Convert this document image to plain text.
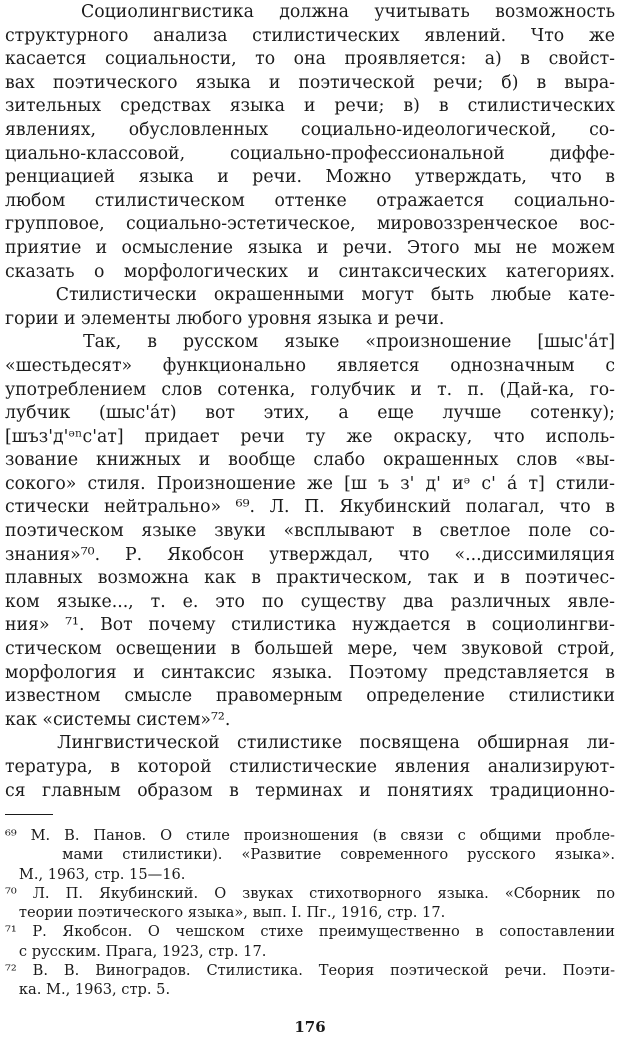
Социолингвистика должна учитывать возможность
структурного анализа стилистических явлений. Что же
касается социальности, то она проявляется: а) в свойст-
вах поэтического языка и поэтической речи; б) в выра-
зительных средствах языка и речи; в) в стилистических
явлениях, обусловленных социально-идеологической, со-
циально-классовой, социально-профессиональной диффе-
ренциацией языка и речи. Можно утверждать, что в
любом стилистическом оттенке отражается социально-
групповое, социально-эстетическое, мировоззренческое вос-
приятие и осмысление языка и речи. Этого мы не можем
сказать о морфологических и синтаксических категориях.
Стилистически окрашенными могут быть любые кате-
гории и элементы любого уровня языка и речи.
Так, в русском языке «произношение [шыс'áт]
«шестьдесят» функционально является однозначным с
употреблением слов сотенка, голубчик и т. п. (Дай-ка, го-
лубчик (шыс'áт) вот этих, а еще лучше сотенку);
[шъз'д'ᵊⁿс'ат] придает речи ту же окраску, что исполь-
зование книжных и вообще слабо окрашенных слов «вы-
сокого» стиля. Произношение же [ш ъ з' д' иᵊ с' á т] стили-
стически нейтрально» ⁶⁹. Л. П. Якубинский полагал, что в
поэтическом языке звуки «всплывают в светлое поле со-
знания»⁷⁰. Р. Якобсон утверждал, что «...диссимиляция
плавных возможна как в практическом, так и в поэтичес-
ком языке..., т. е. это по существу два различных явле-
ния» ⁷¹. Вот почему стилистика нуждается в социолингви-
стическом освещении в большей мере, чем звуковой строй,
морфология и синтаксис языка. Поэтому представляется в
известном смысле правомерным определение стилистики
как «системы систем»⁷².
Лингвистической стилистике посвящена обширная ли-
тература, в которой стилистические явления анализируют-
ся главным образом в терминах и понятиях традиционно-
⁶⁹ М. В. Панов. О стиле произношения (в связи с общими пробле-
мами стилистики). «Развитие современного русского языка».
М., 1963, стр. 15—16.
⁷⁰ Л. П. Якубинский. О звуках стихотворного языка. «Сборник по
теории поэтического языка», вып. I. Пг., 1916, стр. 17.
⁷¹ Р. Якобсон. О чешском стихе преимущественно в сопоставлении
с русским. Прага, 1923, стр. 17.
⁷² В. В. Виноградов. Стилистика. Теория поэтической речи. Поэти-
ка. М., 1963, стр. 5.
176
